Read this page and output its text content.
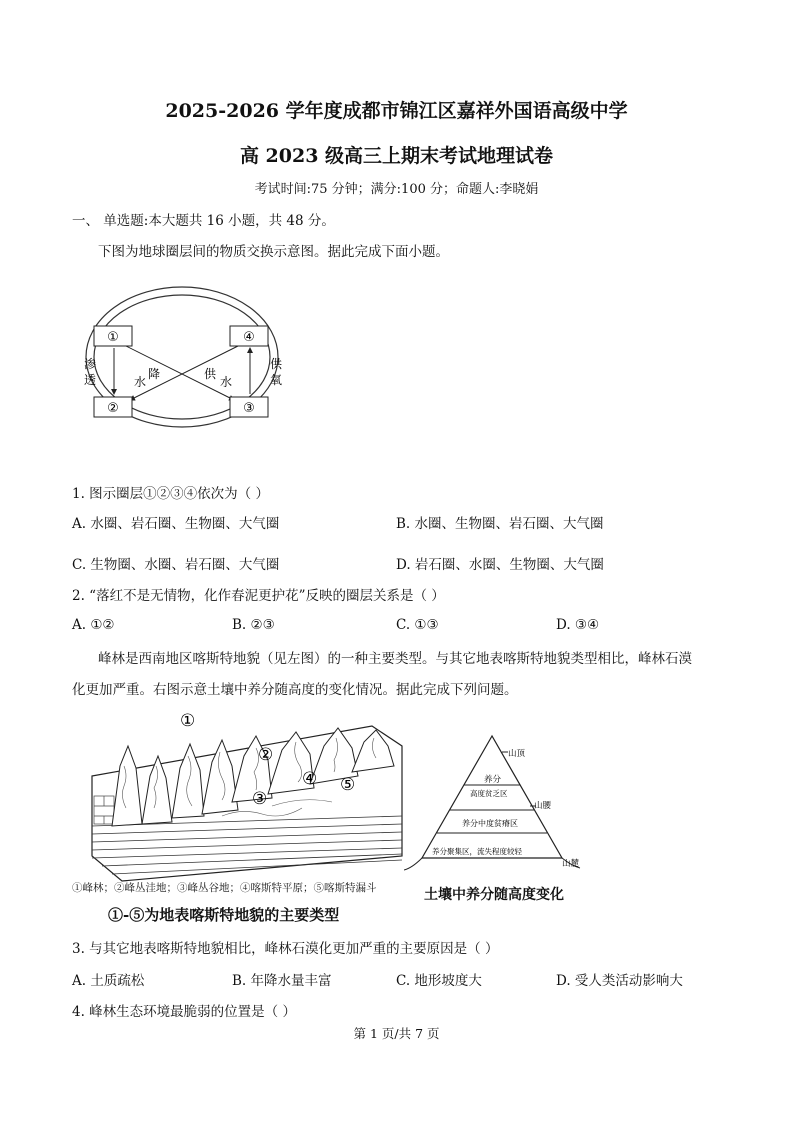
2025-2026 学年度成都市锦江区嘉祥外国语高级中学
高 2023 级高三上期末考试地理试卷
考试时间:75 分钟；满分:100 分；命题人:李晓娟
一、 单选题:本大题共 16 小题，共 48 分。
下图为地球圈层间的物质交换示意图。据此完成下面小题。
①	④
②	③
渗
透
供
氧
水
降	供
水
1. 图示圈层①②③④依次为（ ）
A. 水圈、岩石圈、生物圈、大气圈	B. 水圈、生物圈、岩石圈、大气圈
C. 生物圈、水圈、岩石圈、大气圈	D. 岩石圈、水圈、生物圈、大气圈
2. “落红不是无情物，化作春泥更护花”反映的圈层关系是（ ）
A. ①②	B. ②③	C. ①③	D. ③④
峰林是西南地区喀斯特地貌（见左图）的一种主要类型。与其它地表喀斯特地貌类型相比，峰林石漠
化更加严重。右图示意土壤中养分随高度的变化情况。据此完成下列问题。
①
②
③
④ ⑤
①峰林；②峰丛洼地；③峰丛谷地；④喀斯特平原；⑤喀斯特漏斗
①-⑤为地表喀斯特地貌的主要类型
山顶
养分
高度贫乏区
山腰
养分中度贫瘠区
养分聚集区，流失程度较轻
山麓
土壤中养分随高度变化
3. 与其它地表喀斯特地貌相比，峰林石漠化更加严重的主要原因是（ ）
A. 土质疏松	B. 年降水量丰富	C. 地形坡度大	D. 受人类活动影响大
4. 峰林生态环境最脆弱的位置是（ ）
第 1 页/共 7 页
